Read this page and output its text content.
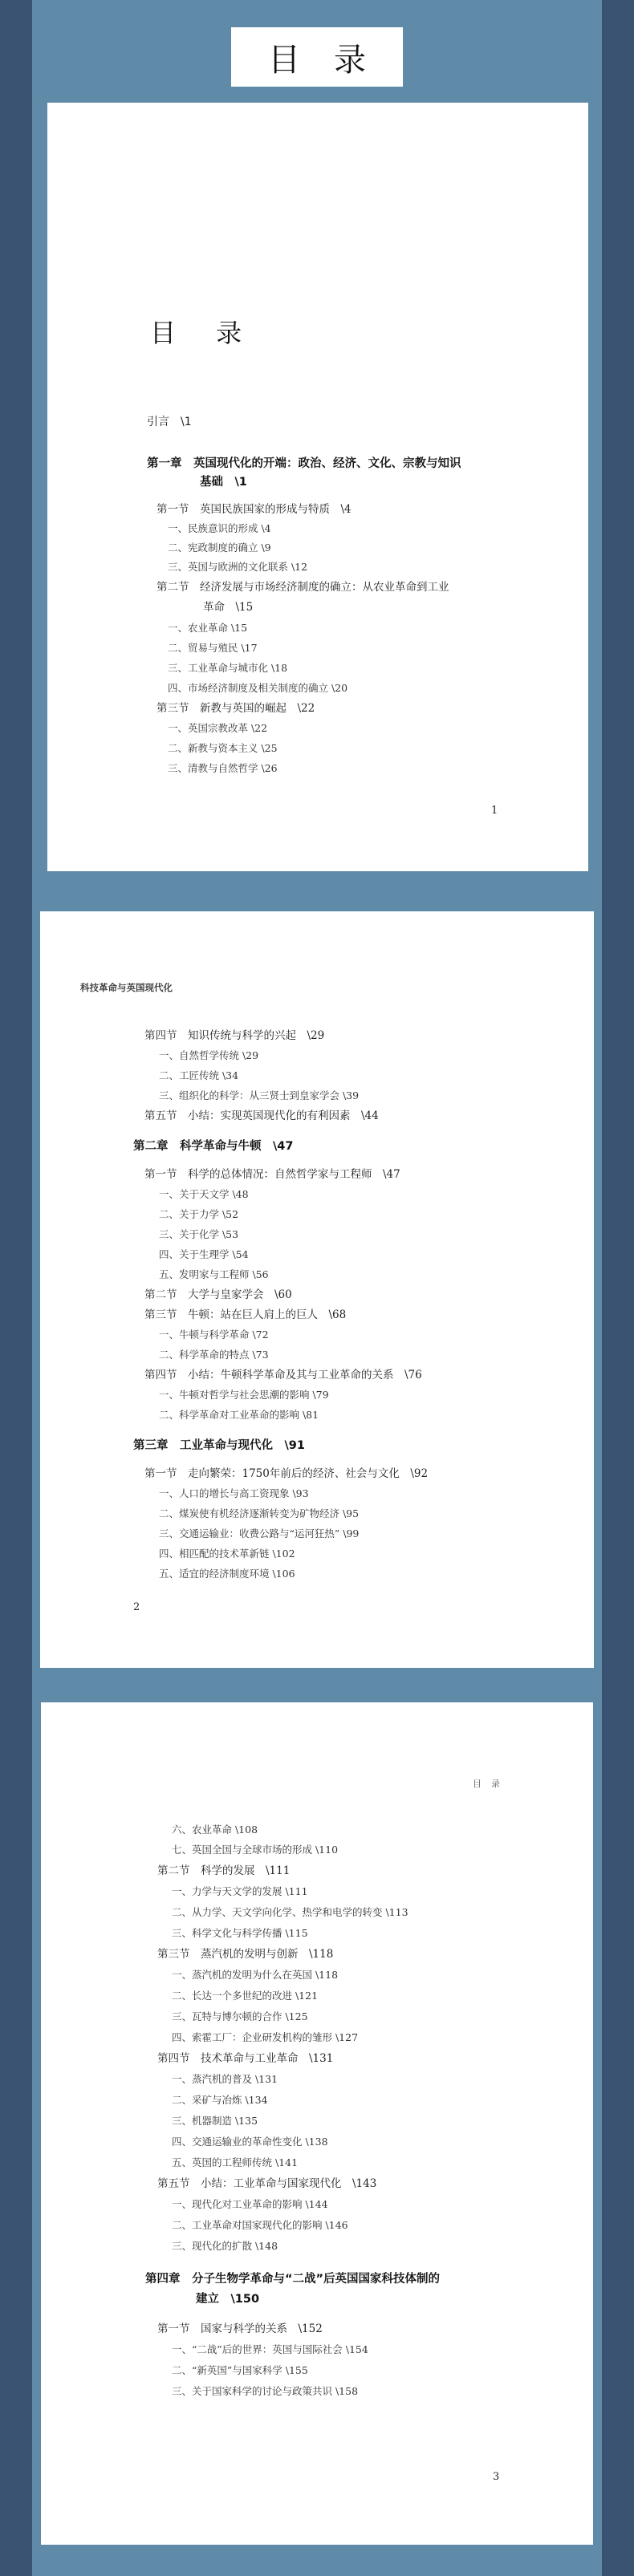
目录
目 录
引言　\1
第一章　英国现代化的开端：政治、经济、文化、宗教与知识
基础　\1
第一节　英国民族国家的形成与特质　\4
一、民族意识的形成 \4
二、宪政制度的确立 \9
三、英国与欧洲的文化联系 \12
第二节　经济发展与市场经济制度的确立：从农业革命到工业
革命　\15
一、农业革命 \15
二、贸易与殖民 \17
三、工业革命与城市化 \18
四、市场经济制度及相关制度的确立 \20
第三节　新教与英国的崛起　\22
一、英国宗教改革 \22
二、新教与资本主义 \25
三、清教与自然哲学 \26
1
科技革命与英国现代化
第四节　知识传统与科学的兴起　\29
一、自然哲学传统 \29
二、工匠传统 \34
三、组织化的科学：从三贤士到皇家学会 \39
第五节　小结：实现英国现代化的有利因素　\44
第二章　科学革命与牛顿　\47
第一节　科学的总体情况：自然哲学家与工程师　\47
一、关于天文学 \48
二、关于力学 \52
三、关于化学 \53
四、关于生理学 \54
五、发明家与工程师 \56
第二节　大学与皇家学会　\60
第三节　牛顿：站在巨人肩上的巨人　\68
一、牛顿与科学革命 \72
二、科学革命的特点 \73
第四节　小结：牛顿科学革命及其与工业革命的关系　\76
一、牛顿对哲学与社会思潮的影响 \79
二、科学革命对工业革命的影响 \81
第三章　工业革命与现代化　\91
第一节　走向繁荣：1750年前后的经济、社会与文化　\92
一、人口的增长与高工资现象 \93
二、煤炭使有机经济逐渐转变为矿物经济 \95
三、交通运输业：收费公路与“运河狂热” \99
四、相匹配的技术革新链 \102
五、适宜的经济制度环境 \106
2
目录
六、农业革命 \108
七、英国全国与全球市场的形成 \110
第二节　科学的发展　\111
一、力学与天文学的发展 \111
二、从力学、天文学向化学、热学和电学的转变 \113
三、科学文化与科学传播 \115
第三节　蒸汽机的发明与创新　\118
一、蒸汽机的发明为什么在英国 \118
二、长达一个多世纪的改进 \121
三、瓦特与博尔顿的合作 \125
四、索霍工厂：企业研发机构的雏形 \127
第四节　技术革命与工业革命　\131
一、蒸汽机的普及 \131
二、采矿与冶炼 \134
三、机器制造 \135
四、交通运输业的革命性变化 \138
五、英国的工程师传统 \141
第五节　小结：工业革命与国家现代化　\143
一、现代化对工业革命的影响 \144
二、工业革命对国家现代化的影响 \146
三、现代化的扩散 \148
第四章　分子生物学革命与“二战”后英国国家科技体制的
建立　\150
第一节　国家与科学的关系　\152
一、“二战”后的世界：英国与国际社会 \154
二、“新英国”与国家科学 \155
三、关于国家科学的讨论与政策共识 \158
3
